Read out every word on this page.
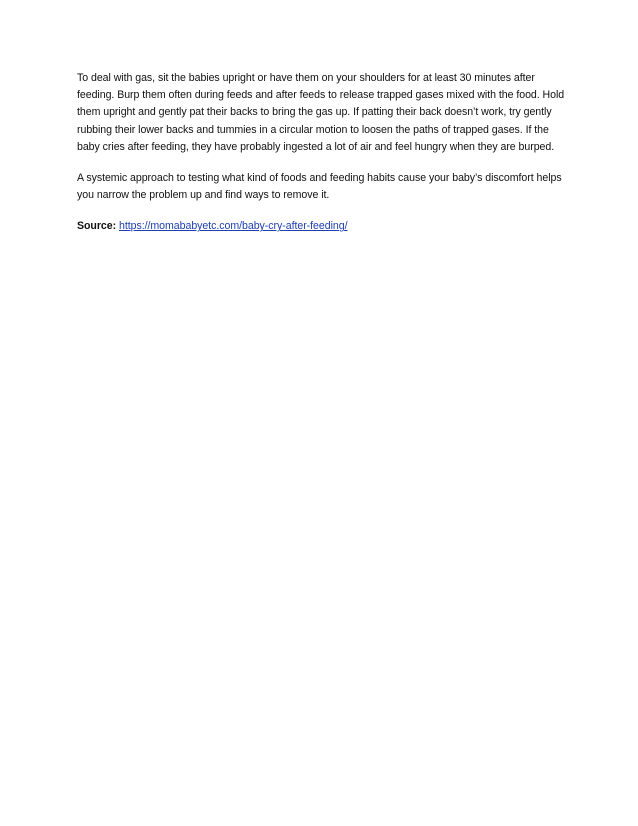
To deal with gas, sit the babies upright or have them on your shoulders for at least 30 minutes after feeding. Burp them often during feeds and after feeds to release trapped gases mixed with the food. Hold them upright and gently pat their backs to bring the gas up. If patting their back doesn’t work, try gently rubbing their lower backs and tummies in a circular motion to loosen the paths of trapped gases. If the baby cries after feeding, they have probably ingested a lot of air and feel hungry when they are burped.

A systemic approach to testing what kind of foods and feeding habits cause your baby’s discomfort helps you narrow the problem up and find ways to remove it.

Source: https://momababyetc.com/baby-cry-after-feeding/
